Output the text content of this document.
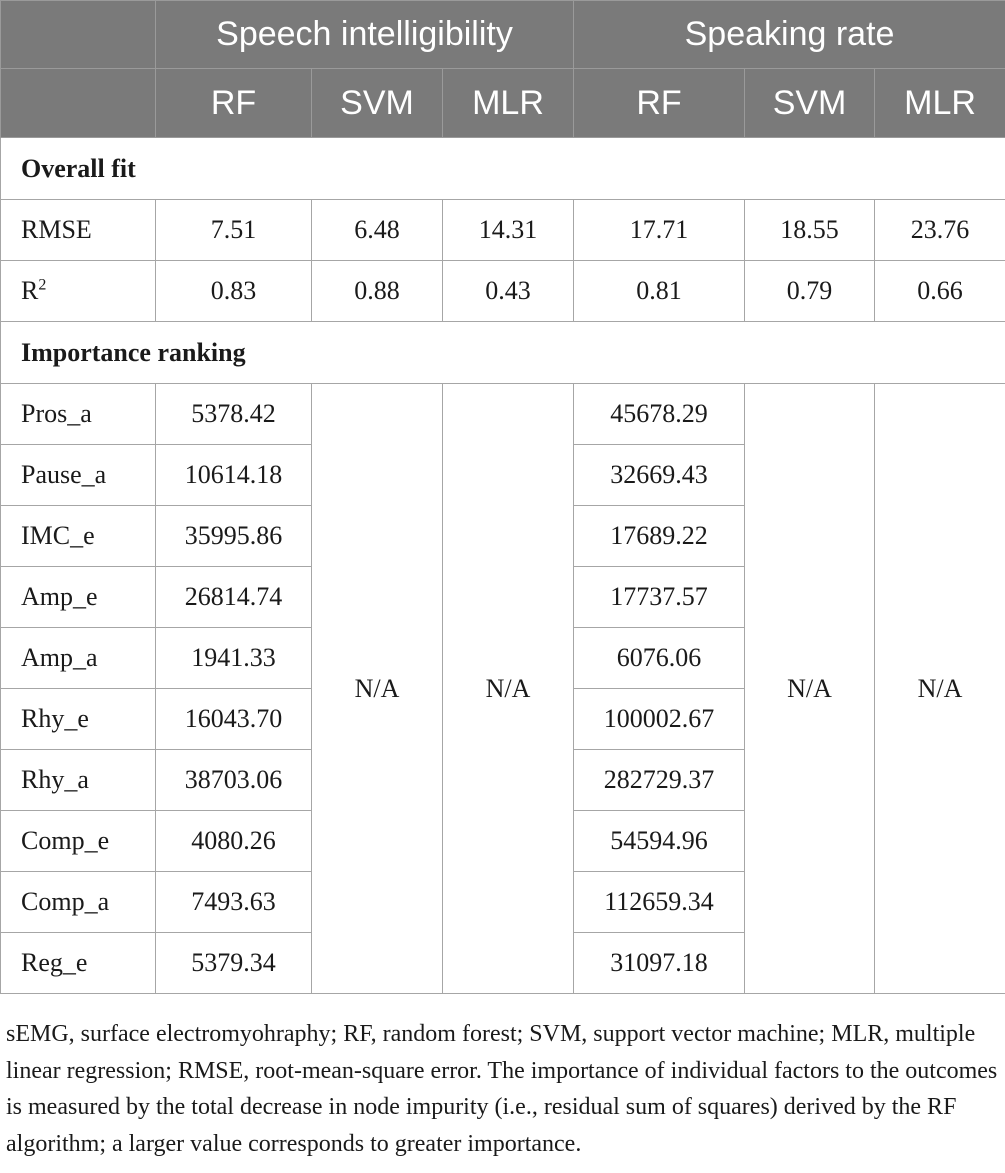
	Speech intelligibility			Speaking rate		
	RF	SVM	MLR	RF	SVM	MLR
Overall fit						
RMSE	7.51	6.48	14.31	17.71	18.55	23.76
$R^2$	0.83	0.88	0.43	0.81	0.79	0.66
Importance ranking						
Pros_a	5378.42	N/A	N/A	45678.29	N/A	N/A
Pause_a	10614.18			32669.43		
IMC_e	35995.86			17689.22		
Amp_e	26814.74			17737.57		
Amp_a	1941.33			6076.06		
Rhy_e	16043.70			100002.67		
Rhy_a	38703.06			282729.37		
Comp_e	4080.26			54594.96		
Comp_a	7493.63			112659.34		
Reg_e	5379.34			31097.18		

sEMG, surface electromyohraphy; RF, random forest; SVM, support vector machine; MLR, multiple linear regression; RMSE, root-mean-square error. The importance of individual factors to the outcomes is measured by the total decrease in node impurity (i.e., residual sum of squares) derived by the RF algorithm; a larger value corresponds to greater importance.
